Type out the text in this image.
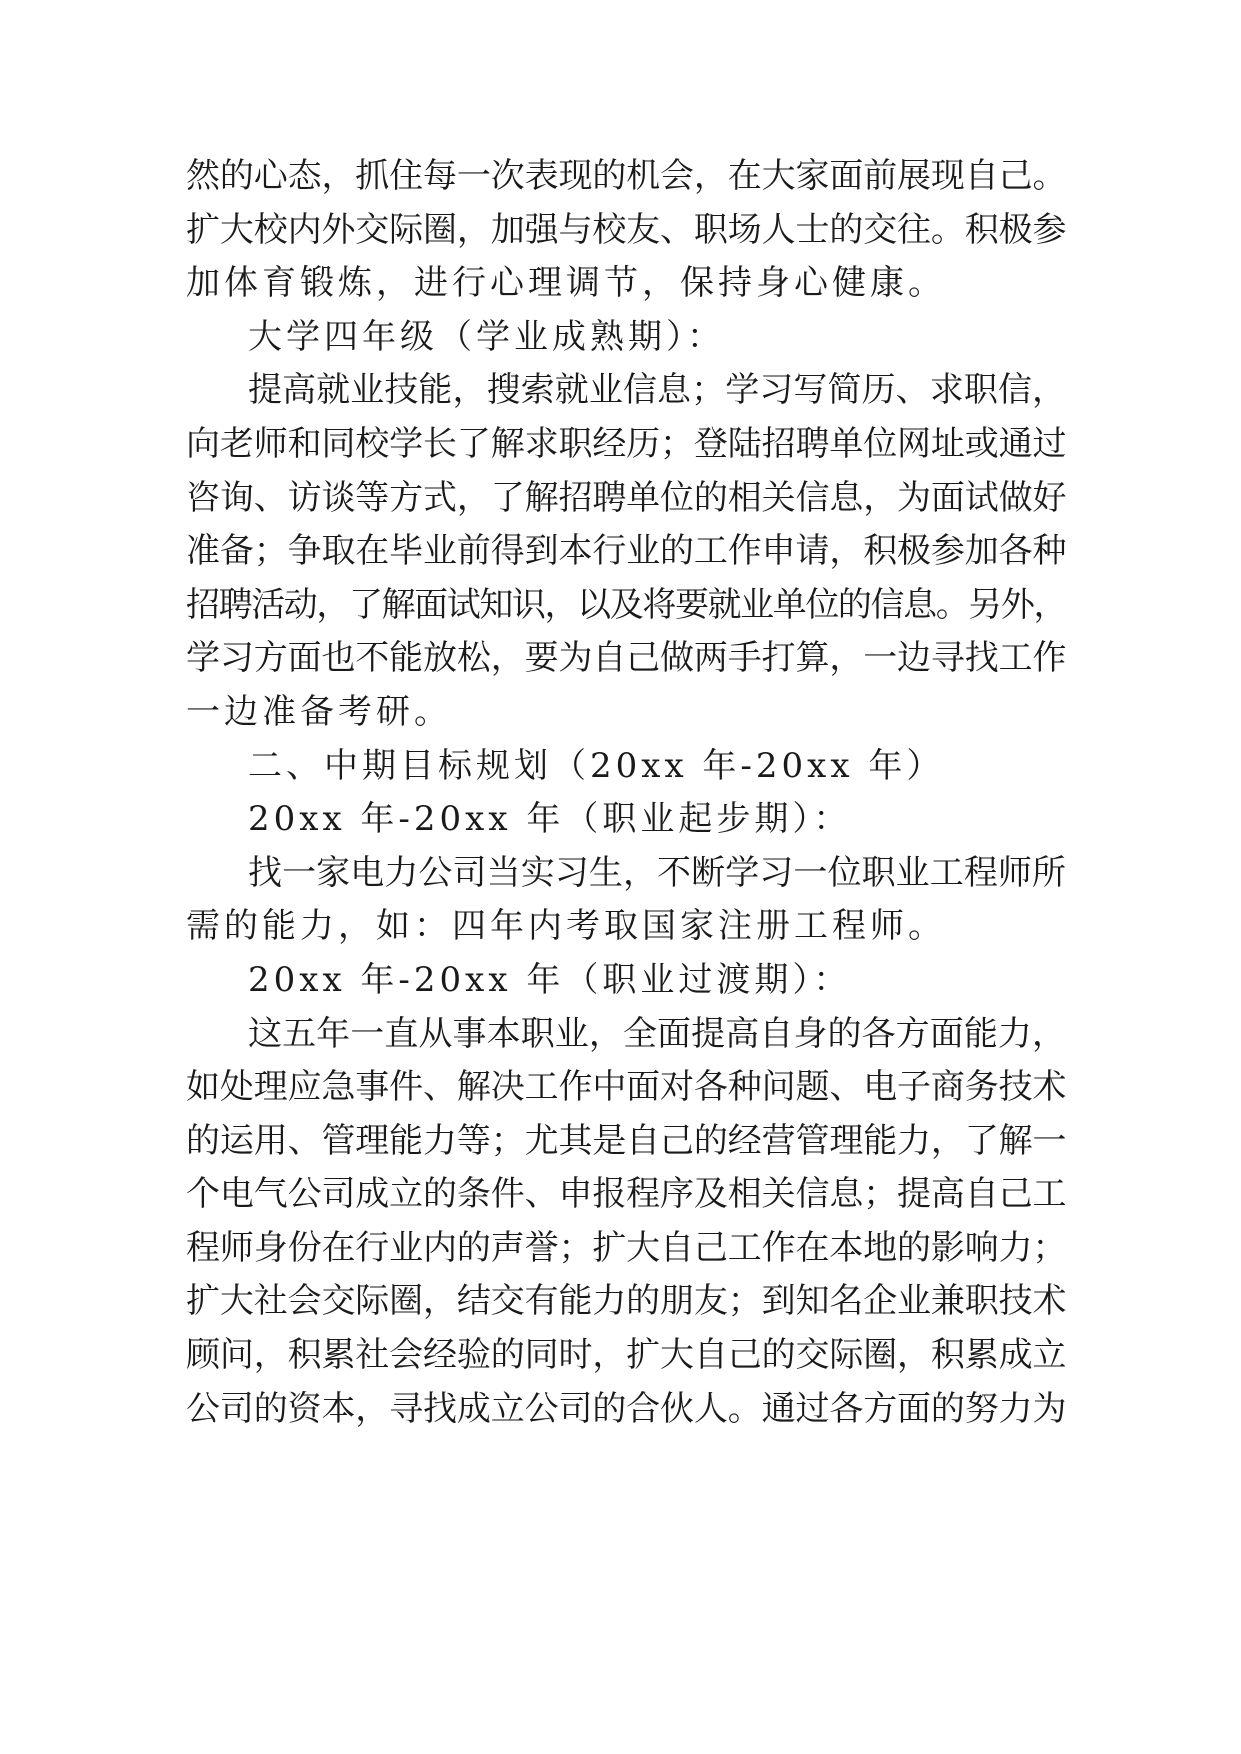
然的心态，抓住每一次表现的机会，在大家面前展现自己。
扩大校内外交际圈，加强与校友、职场人士的交往。积极参
加体育锻炼，进行心理调节，保持身心健康。
大学四年级（学业成熟期）：
提高就业技能，搜索就业信息；学习写简历、求职信，
向老师和同校学长了解求职经历；登陆招聘单位网址或通过
咨询、访谈等方式，了解招聘单位的相关信息，为面试做好
准备；争取在毕业前得到本行业的工作申请，积极参加各种
招聘活动，了解面试知识，以及将要就业单位的信息。另外，
学习方面也不能放松，要为自己做两手打算，一边寻找工作
一边准备考研。
二、中期目标规划（20xx 年-20xx 年）
20xx 年-20xx 年（职业起步期）：
找一家电力公司当实习生，不断学习一位职业工程师所
需的能力，如：四年内考取国家注册工程师。
20xx 年-20xx 年（职业过渡期）：
这五年一直从事本职业，全面提高自身的各方面能力，
如处理应急事件、解决工作中面对各种问题、电子商务技术
的运用、管理能力等；尤其是自己的经营管理能力，了解一
个电气公司成立的条件、申报程序及相关信息；提高自己工
程师身份在行业内的声誉；扩大自己工作在本地的影响力；
扩大社会交际圈，结交有能力的朋友；到知名企业兼职技术
顾问，积累社会经验的同时，扩大自己的交际圈，积累成立
公司的资本，寻找成立公司的合伙人。通过各方面的努力为
